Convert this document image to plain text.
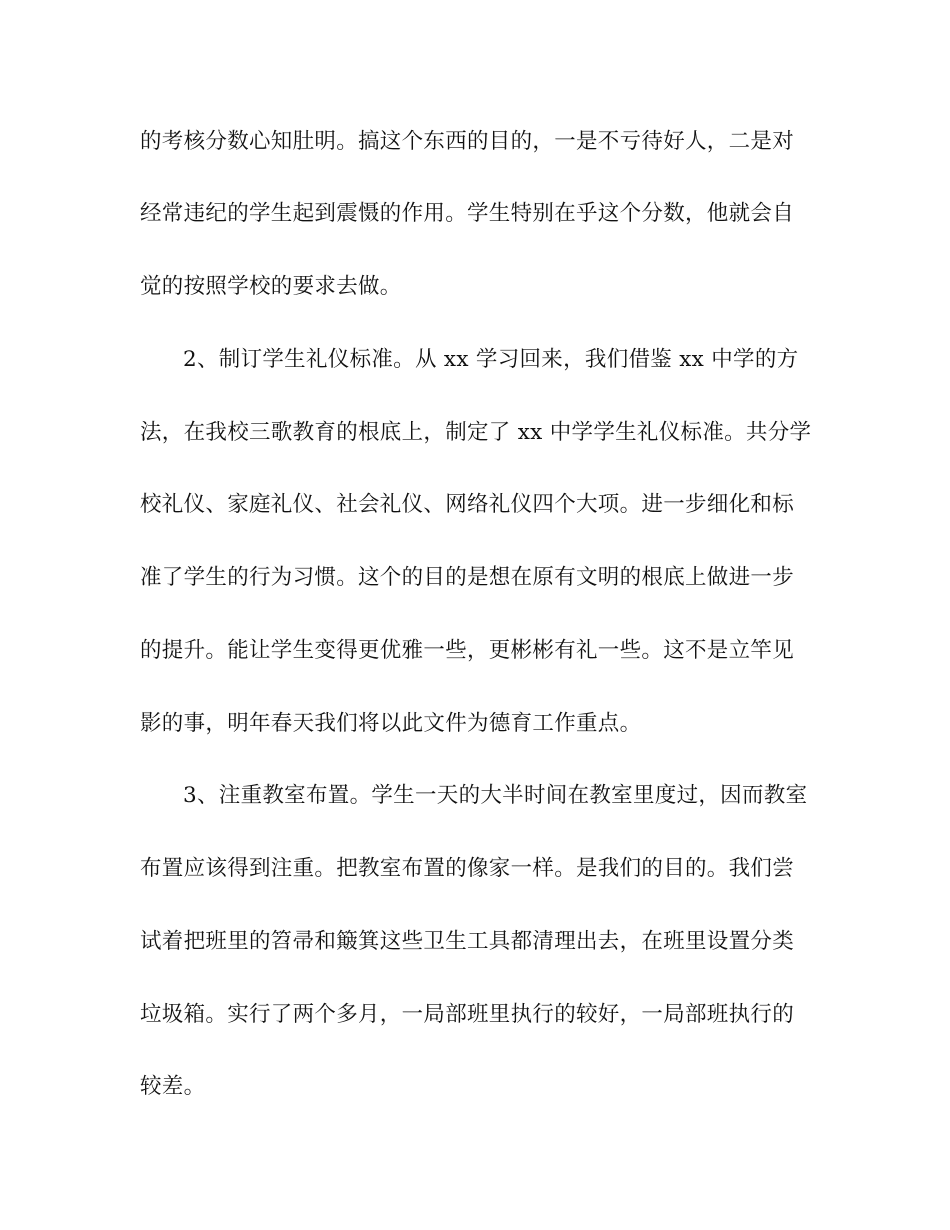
的考核分数心知肚明。搞这个东西的目的，一是不亏待好人，二是对
经常违纪的学生起到震慑的作用。学生特别在乎这个分数，他就会自
觉的按照学校的要求去做。
2、制订学生礼仪标准。从 xx 学习回来，我们借鉴 xx 中学的方
法，在我校三歌教育的根底上，制定了 xx 中学学生礼仪标准。共分学
校礼仪、家庭礼仪、社会礼仪、网络礼仪四个大项。进一步细化和标
准了学生的行为习惯。这个的目的是想在原有文明的根底上做进一步
的提升。能让学生变得更优雅一些，更彬彬有礼一些。这不是立竿见
影的事，明年春天我们将以此文件为德育工作重点。
3、注重教室布置。学生一天的大半时间在教室里度过，因而教室
布置应该得到注重。把教室布置的像家一样。是我们的目的。我们尝
试着把班里的笤帚和簸箕这些卫生工具都清理出去，在班里设置分类
垃圾箱。实行了两个多月，一局部班里执行的较好，一局部班执行的
较差。
